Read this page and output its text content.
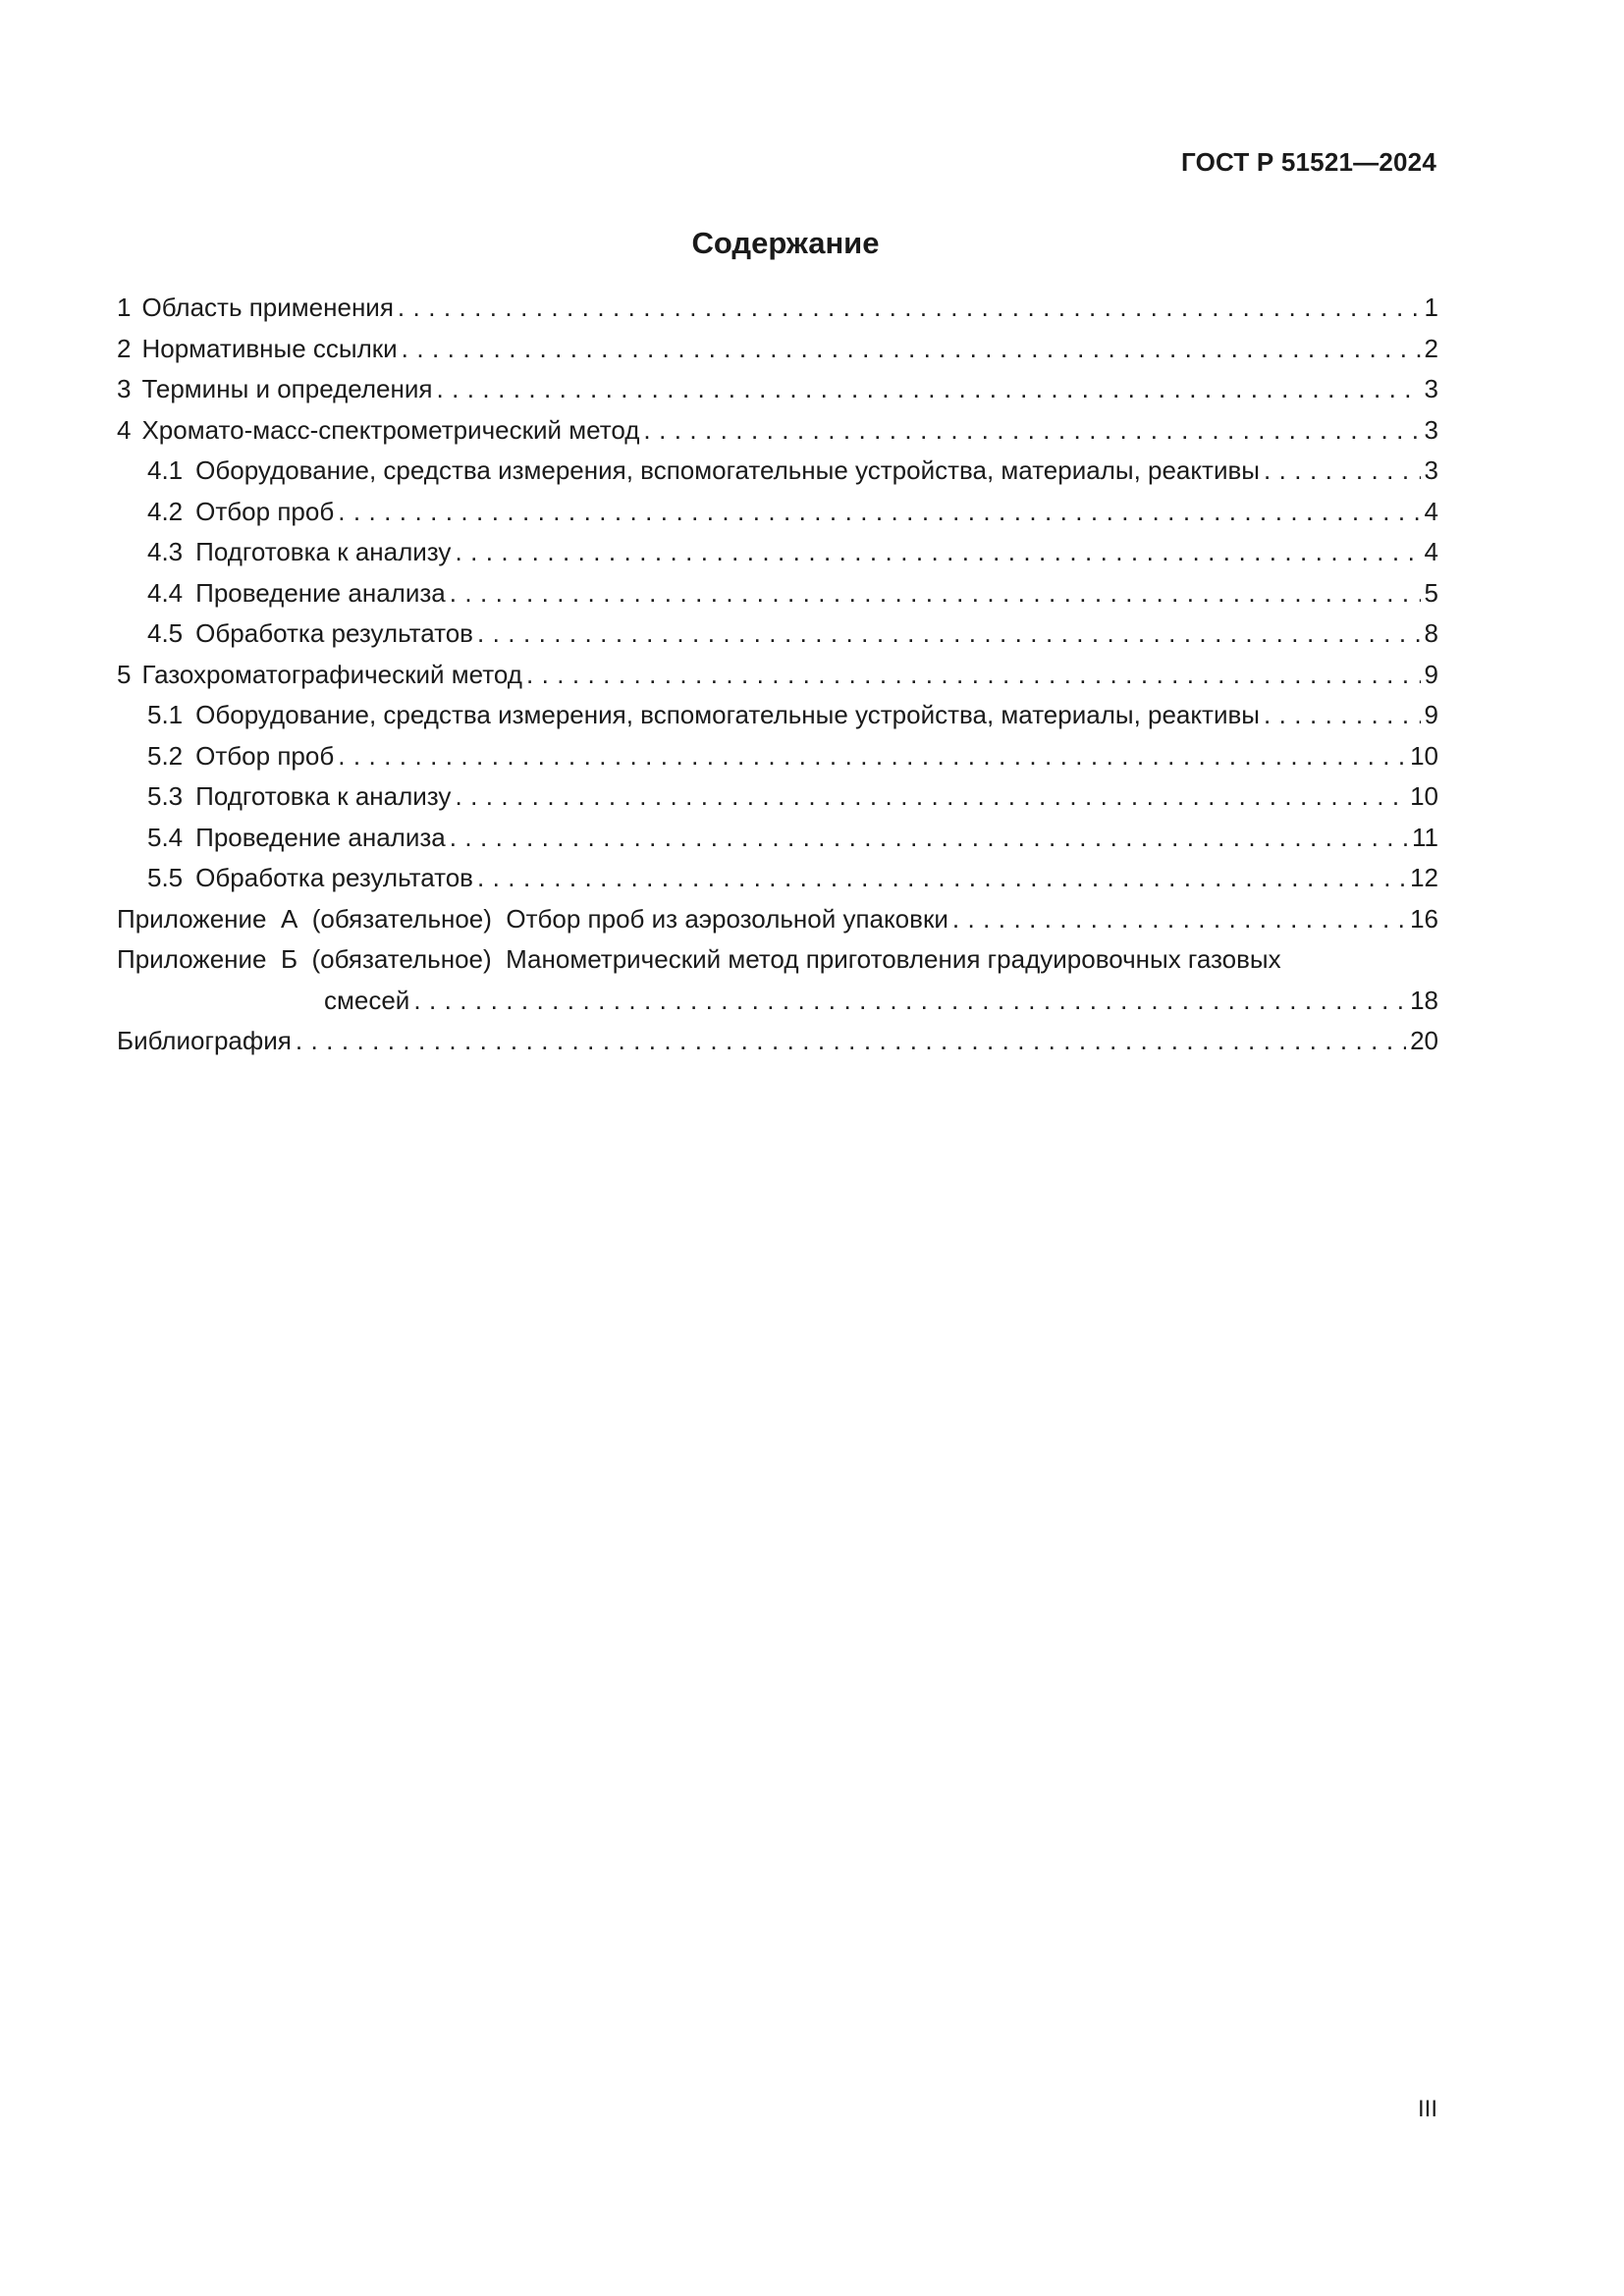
ГОСТ Р 51521—2024
Содержание
1 Область применения . . .	1
2 Нормативные ссылки . . .	2
3 Термины и определения . . .	3
4 Хромато-масс-спектрометрический метод . . .	3
4.1 Оборудование, средства измерения, вспомогательные устройства, материалы, реактивы . . .	3
4.2 Отбор проб . . .	4
4.3 Подготовка к анализу . . .	4
4.4 Проведение анализа . . .	5
4.5 Обработка результатов . . .	8
5 Газохроматографический метод . . .	9
5.1 Оборудование, средства измерения, вспомогательные устройства, материалы, реактивы . . .	9
5.2 Отбор проб . . .	10
5.3 Подготовка к анализу . . .	10
5.4 Проведение анализа . . .	11
5.5 Обработка результатов . . .	12
Приложение  А  (обязательное)  Отбор проб из аэрозольной упаковки . . .	16
Приложение  Б  (обязательное)  Манометрический метод приготовления градуировочных газовых
смесей . . .	18
Библиография . . .	20
III
